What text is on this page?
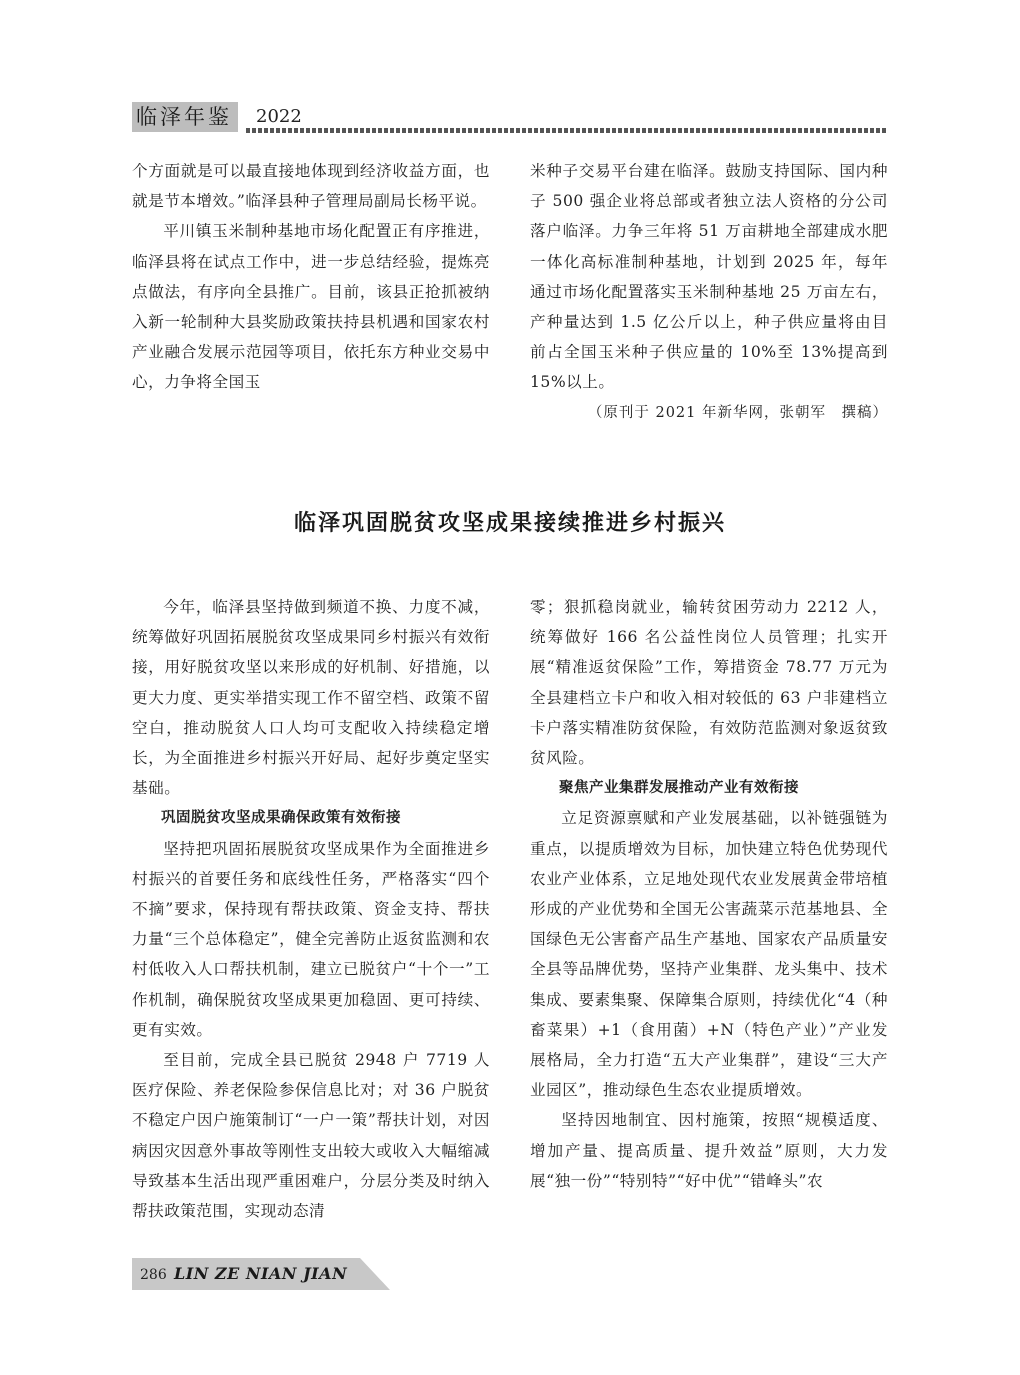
临泽年鉴	2022

个方面就是可以最直接地体现到经济收益方面，也就是节本增效。”临泽县种子管理局副局长杨平说。

平川镇玉米制种基地市场化配置正有序推进，临泽县将在试点工作中，进一步总结经验，提炼亮点做法，有序向全县推广。目前，该县正抢抓被纳入新一轮制种大县奖励政策扶持县机遇和国家农村产业融合发展示范园等项目，依托东方种业交易中心，力争将全国玉

米种子交易平台建在临泽。鼓励支持国际、国内种子 500 强企业将总部或者独立法人资格的分公司落户临泽。力争三年将 51 万亩耕地全部建成水肥一体化高标准制种基地，计划到 2025 年，每年通过市场化配置落实玉米制种基地 25 万亩左右，产种量达到 1.5 亿公斤以上，种子供应量将由目前占全国玉米种子供应量的 10%至 13%提高到 15%以上。

（原刊于 2021 年新华网，张朝军　撰稿）

临泽巩固脱贫攻坚成果接续推进乡村振兴

今年，临泽县坚持做到频道不换、力度不减，统筹做好巩固拓展脱贫攻坚成果同乡村振兴有效衔接，用好脱贫攻坚以来形成的好机制、好措施，以更大力度、更实举措实现工作不留空档、政策不留空白，推动脱贫人口人均可支配收入持续稳定增长，为全面推进乡村振兴开好局、起好步奠定坚实基础。

巩固脱贫攻坚成果确保政策有效衔接

坚持把巩固拓展脱贫攻坚成果作为全面推进乡村振兴的首要任务和底线性任务，严格落实“四个不摘”要求，保持现有帮扶政策、资金支持、帮扶力量“三个总体稳定”，健全完善防止返贫监测和农村低收入人口帮扶机制，建立已脱贫户“十个一”工作机制，确保脱贫攻坚成果更加稳固、更可持续、更有实效。

至目前，完成全县已脱贫 2948 户 7719 人医疗保险、养老保险参保信息比对；对 36 户脱贫不稳定户因户施策制订“一户一策”帮扶计划，对因病因灾因意外事故等刚性支出较大或收入大幅缩减导致基本生活出现严重困难户，分层分类及时纳入帮扶政策范围，实现动态清

零；狠抓稳岗就业，输转贫困劳动力 2212 人，统筹做好 166 名公益性岗位人员管理；扎实开展“精准返贫保险”工作，筹措资金 78.77 万元为全县建档立卡户和收入相对较低的 63 户非建档立卡户落实精准防贫保险，有效防范监测对象返贫致贫风险。

聚焦产业集群发展推动产业有效衔接

立足资源禀赋和产业发展基础，以补链强链为重点，以提质增效为目标，加快建立特色优势现代农业产业体系，立足地处现代农业发展黄金带培植形成的产业优势和全国无公害蔬菜示范基地县、全国绿色无公害畜产品生产基地、国家农产品质量安全县等品牌优势，坚持产业集群、龙头集中、技术集成、要素集聚、保障集合原则，持续优化“4（种畜菜果）+1（食用菌）+N（特色产业）”产业发展格局，全力打造“五大产业集群”，建设“三大产业园区”，推动绿色生态农业提质增效。

坚持因地制宜、因村施策，按照“规模适度、增加产量、提高质量、提升效益”原则，大力发展“独一份”“特别特”“好中优”“错峰头”农

286 LIN ZE NIAN JIAN
